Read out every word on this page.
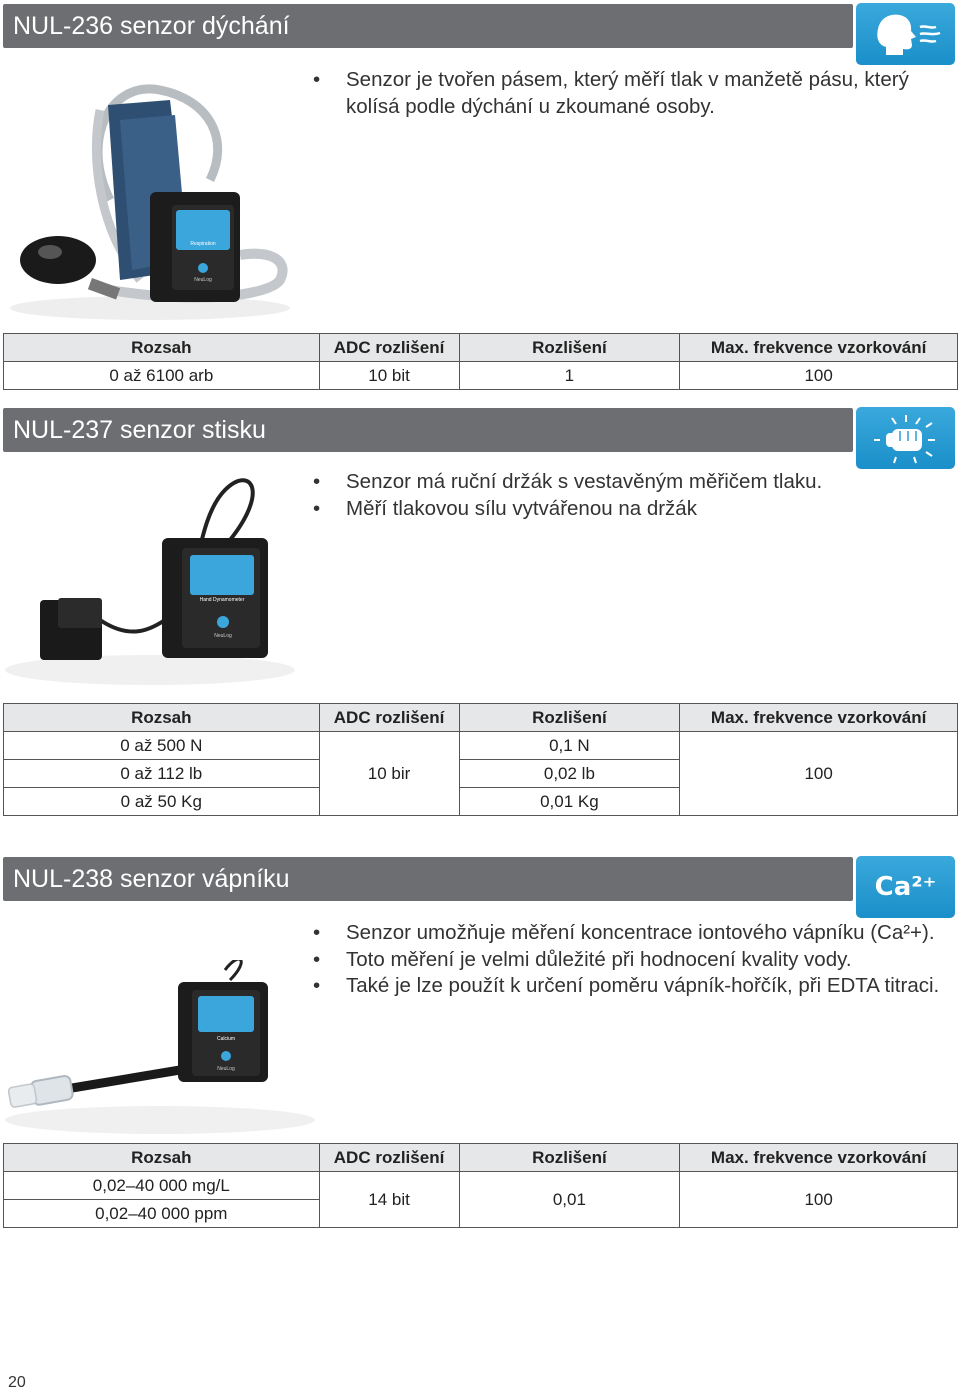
NUL-236 senzor dýchání
• Senzor je tvořen pásem, který měří tlak v manžetě pásu, který kolísá podle dýchání u zkoumané osoby.
Respiration
NeuLog
Rozsah	ADC rozlišení	Rozlišení	Max. frekvence vzorkování
0 až 6100 arb	10 bit	1	100
NUL-237 senzor stisku
• Senzor má ruční držák s vestavěným měřičem tlaku.
• Měří tlakovou sílu vytvářenou na držák
Hand Dynamometer
NeuLog
Rozsah	ADC rozlišení	Rozlišení	Max. frekvence vzorkování
0 až 500 N	10 bir	0,1 N	100
0 až 112 lb		0,02 lb	
0 až 50 Kg		0,01 Kg	
NUL-238 senzor vápníku	Ca²⁺
• Senzor umožňuje měření koncentrace iontového vápníku (Ca²+).
• Toto měření je velmi důležité při hodnocení kvality vody.
• Také je lze použít k určení poměru vápník-hořčík, při EDTA titraci.
Calcium
NeuLog
Rozsah	ADC rozlišení	Rozlišení	Max. frekvence vzorkování
0,02–40 000 mg/L	14 bit	0,01	100
0,02–40 000 ppm			
20
